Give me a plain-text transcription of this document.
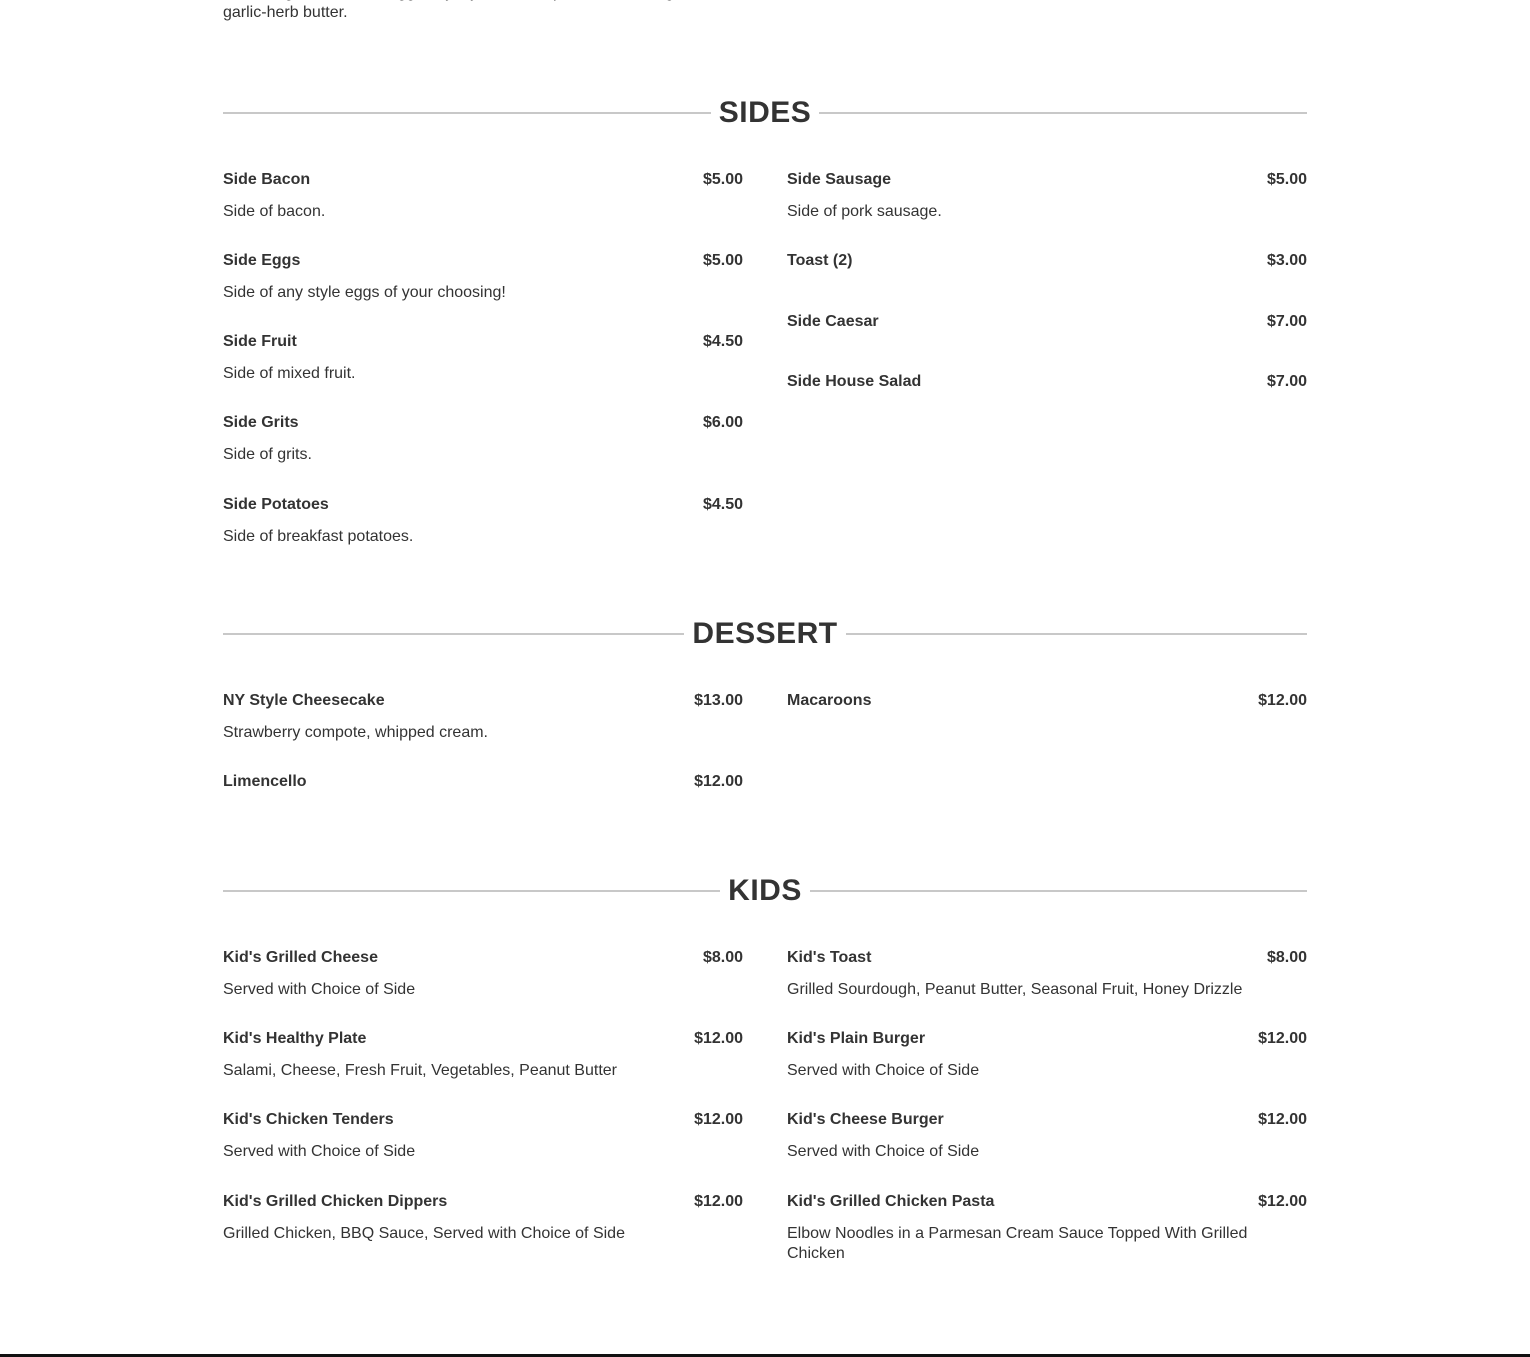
garlic-herb butter.
SIDES
Side Bacon	$5.00
Side of bacon.
Side Eggs	$5.00
Side of any style eggs of your choosing!
Side Fruit	$4.50
Side of mixed fruit.
Side Grits	$6.00
Side of grits.
Side Potatoes	$4.50
Side of breakfast potatoes.
Side Sausage	$5.00
Side of pork sausage.
Toast (2)	$3.00
Side Caesar	$7.00
Side House Salad	$7.00
DESSERT
NY Style Cheesecake	$13.00
Strawberry compote, whipped cream.
Limencello	$12.00
Macaroons	$12.00
KIDS
Kid's Grilled Cheese	$8.00
Served with Choice of Side
Kid's Healthy Plate	$12.00
Salami, Cheese, Fresh Fruit, Vegetables, Peanut Butter
Kid's Chicken Tenders	$12.00
Served with Choice of Side
Kid's Grilled Chicken Dippers	$12.00
Grilled Chicken, BBQ Sauce, Served with Choice of Side
Kid's Toast	$8.00
Grilled Sourdough, Peanut Butter, Seasonal Fruit, Honey Drizzle
Kid's Plain Burger	$12.00
Served with Choice of Side
Kid's Cheese Burger	$12.00
Served with Choice of Side
Kid's Grilled Chicken Pasta	$12.00
Elbow Noodles in a Parmesan Cream Sauce Topped With Grilled Chicken
